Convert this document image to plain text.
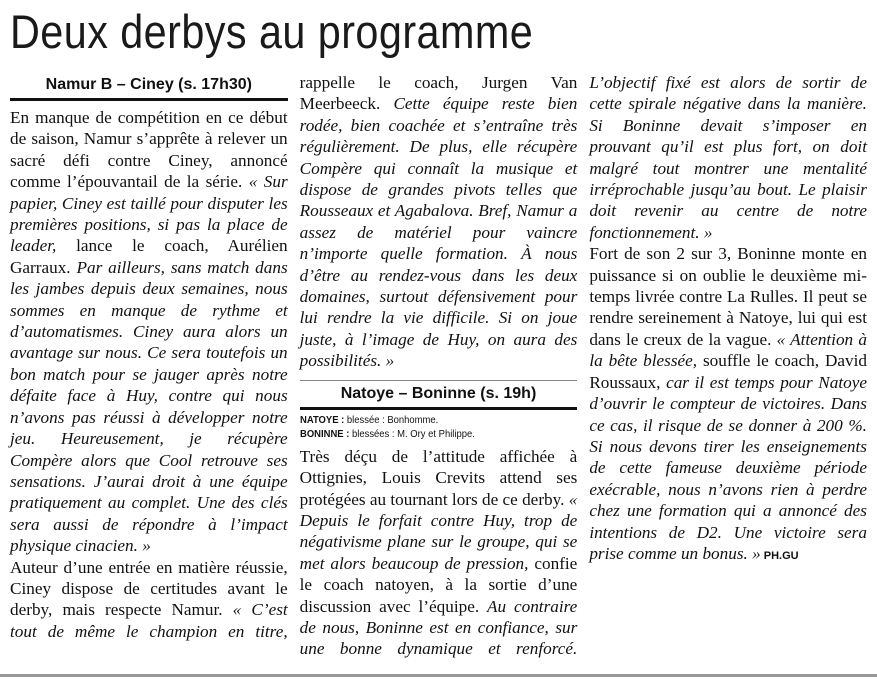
Deux derbys au programme
Namur B – Ciney (s. 17h30)

En manque de compétition en ce début de saison, Namur s’apprête à relever un sacré défi contre Ciney, annoncé comme l’épouvantail de la série. « Sur papier, Ciney est taillé pour disputer les premières positions, si pas la place de leader, lance le coach, Aurélien Garraux. Par ailleurs, sans match dans les jambes depuis deux semaines, nous sommes en manque de rythme et d’automatismes. Ciney aura alors un avantage sur nous. Ce sera toutefois un bon match pour se jauger après notre défaite face à Huy, contre qui nous n’avons pas réussi à développer notre jeu. Heureusement, je récupère Compère alors que Cool retrouve ses sensations. J’aurai droit à une équipe pratiquement au complet. Une des clés sera aussi de répondre à l’impact physique cinacien. »

Auteur d’une entrée en matière réussie, Ciney dispose de certitudes avant le derby, mais respecte Namur. « C’est tout de même le champion en titre, rappelle le coach, Jurgen Van Meerbeeck. Cette équipe reste bien rodée, bien coachée et s’entraîne très régulièrement. De plus, elle récupère Compère qui connaît la musique et dispose de grandes pivots telles que Rousseaux et Agabalova. Bref, Namur a assez de matériel pour vaincre n’importe quelle formation. À nous d’être au rendez-vous dans les deux domaines, surtout défensivement pour lui rendre la vie difficile. Si on joue juste, à l’image de Huy, on aura des possibilités. »

Natoye – Boninne (s. 19h)
NATOYE : blessée : Bonhomme.
BONINNE : blessées : M. Ory et Philippe.

Très déçu de l’attitude affichée à Ottignies, Louis Crevits attend ses protégées au tournant lors de ce derby. « Depuis le forfait contre Huy, trop de négativisme plane sur le groupe, qui se met alors beaucoup de pression, confie le coach natoyen, à la sortie d’une discussion avec l’équipe. Au contraire de nous, Boninne est en confiance, sur une bonne dynamique et renforcé. L’objectif fixé est alors de sortir de cette spirale négative dans la manière. Si Boninne devait s’imposer en prouvant qu’il est plus fort, on doit malgré tout montrer une mentalité irréprochable jusqu’au bout. Le plaisir doit revenir au centre de notre fonctionnement. »

Fort de son 2 sur 3, Boninne monte en puissance si on oublie le deuxième mi-temps livrée contre La Rulles. Il peut se rendre sereinement à Natoye, lui qui est dans le creux de la vague. « Attention à la bête blessée, souffle le coach, David Roussaux, car il est temps pour Natoye d’ouvrir le compteur de victoires. Dans ce cas, il risque de se donner à 200 %. Si nous devons tirer les enseignements de cette fameuse deuxième période exécrable, nous n’avons rien à perdre chez une formation qui a annoncé des intentions de D2. Une victoire sera prise comme un bonus. » PH.GU
